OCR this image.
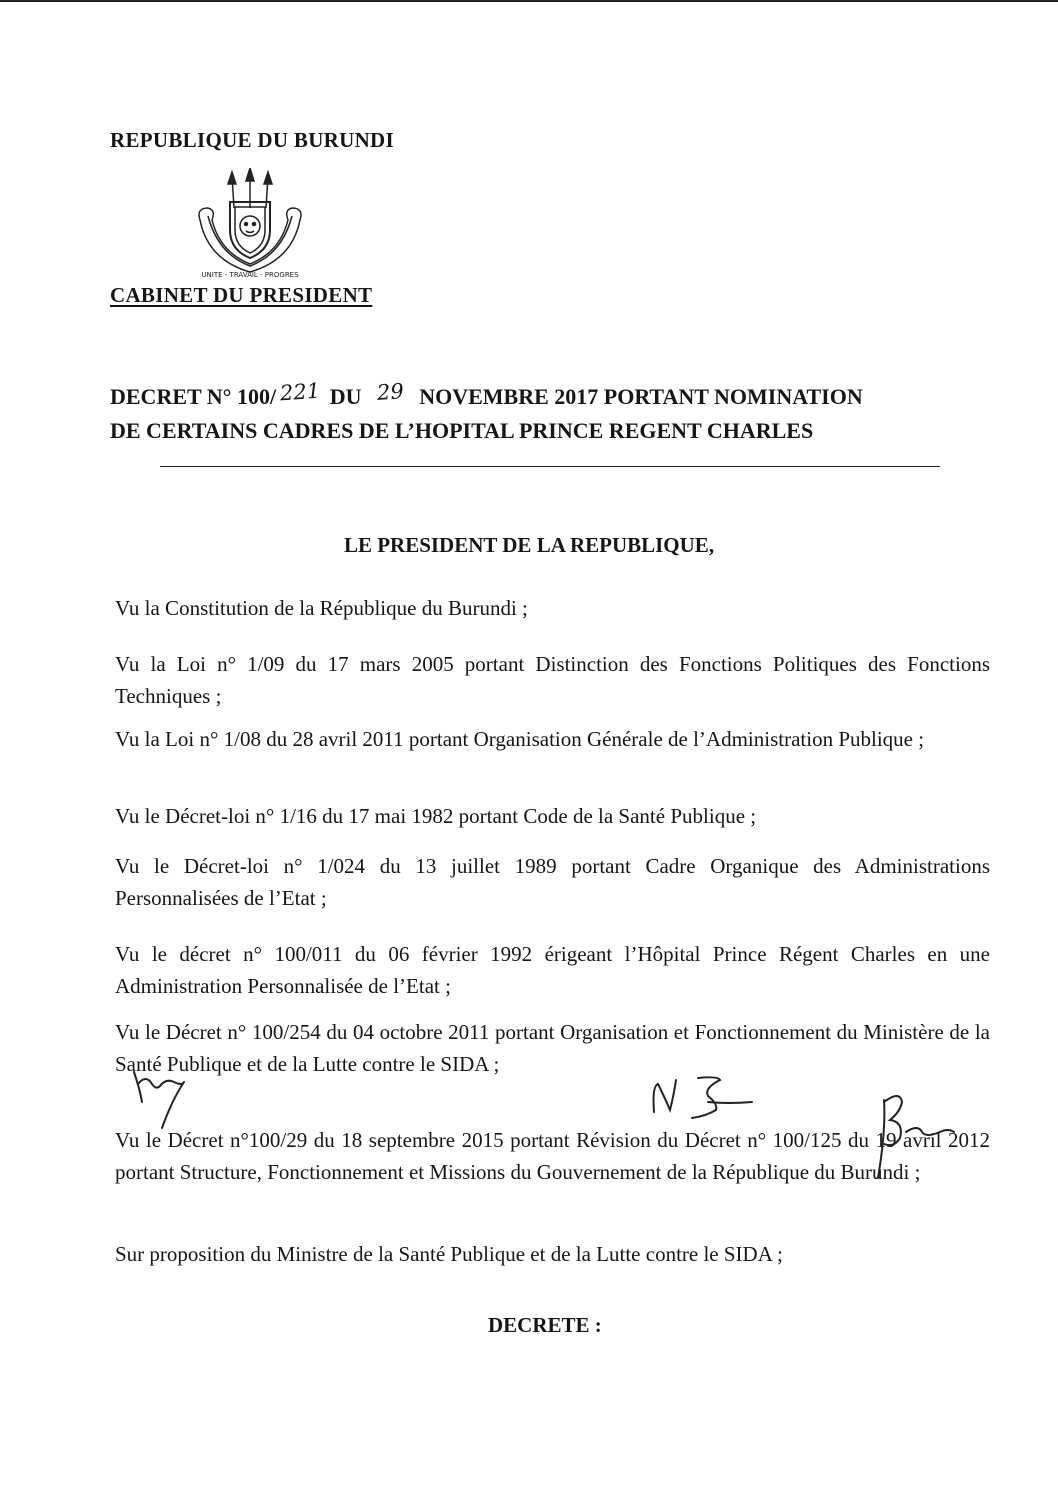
REPUBLIQUE DU BURUNDI

UNITE - TRAVAIL - PROGRES

CABINET DU PRESIDENT

DECRET N° 100/ 221 DU 29 NOVEMBRE 2017 PORTANT NOMINATION
DE CERTAINS CADRES DE L’HOPITAL PRINCE REGENT CHARLES

LE PRESIDENT DE LA REPUBLIQUE,

Vu la Constitution de la République du Burundi ;

Vu la Loi n° 1/09 du 17 mars 2005 portant Distinction des Fonctions Politiques des Fonctions Techniques ;

Vu la Loi n° 1/08 du 28 avril 2011 portant Organisation Générale de l’Administration Publique ;

Vu le Décret-loi n° 1/16 du 17 mai 1982 portant Code de la Santé Publique ;

Vu le Décret-loi n° 1/024 du 13 juillet 1989 portant Cadre Organique des Administrations Personnalisées de l’Etat ;

Vu le décret n° 100/011 du 06 février 1992 érigeant l’Hôpital Prince Régent Charles en une Administration Personnalisée de l’Etat ;

Vu le Décret n° 100/254 du 04 octobre 2011 portant Organisation et Fonctionnement du Ministère de la Santé Publique et de la Lutte contre le SIDA ;

Vu le Décret n°100/29 du 18 septembre 2015 portant Révision du Décret n° 100/125 du 19 avril 2012 portant Structure, Fonctionnement et Missions du Gouvernement de la République du Burundi ;

Sur proposition du Ministre de la Santé Publique et de la Lutte contre le SIDA ;

DECRETE :
